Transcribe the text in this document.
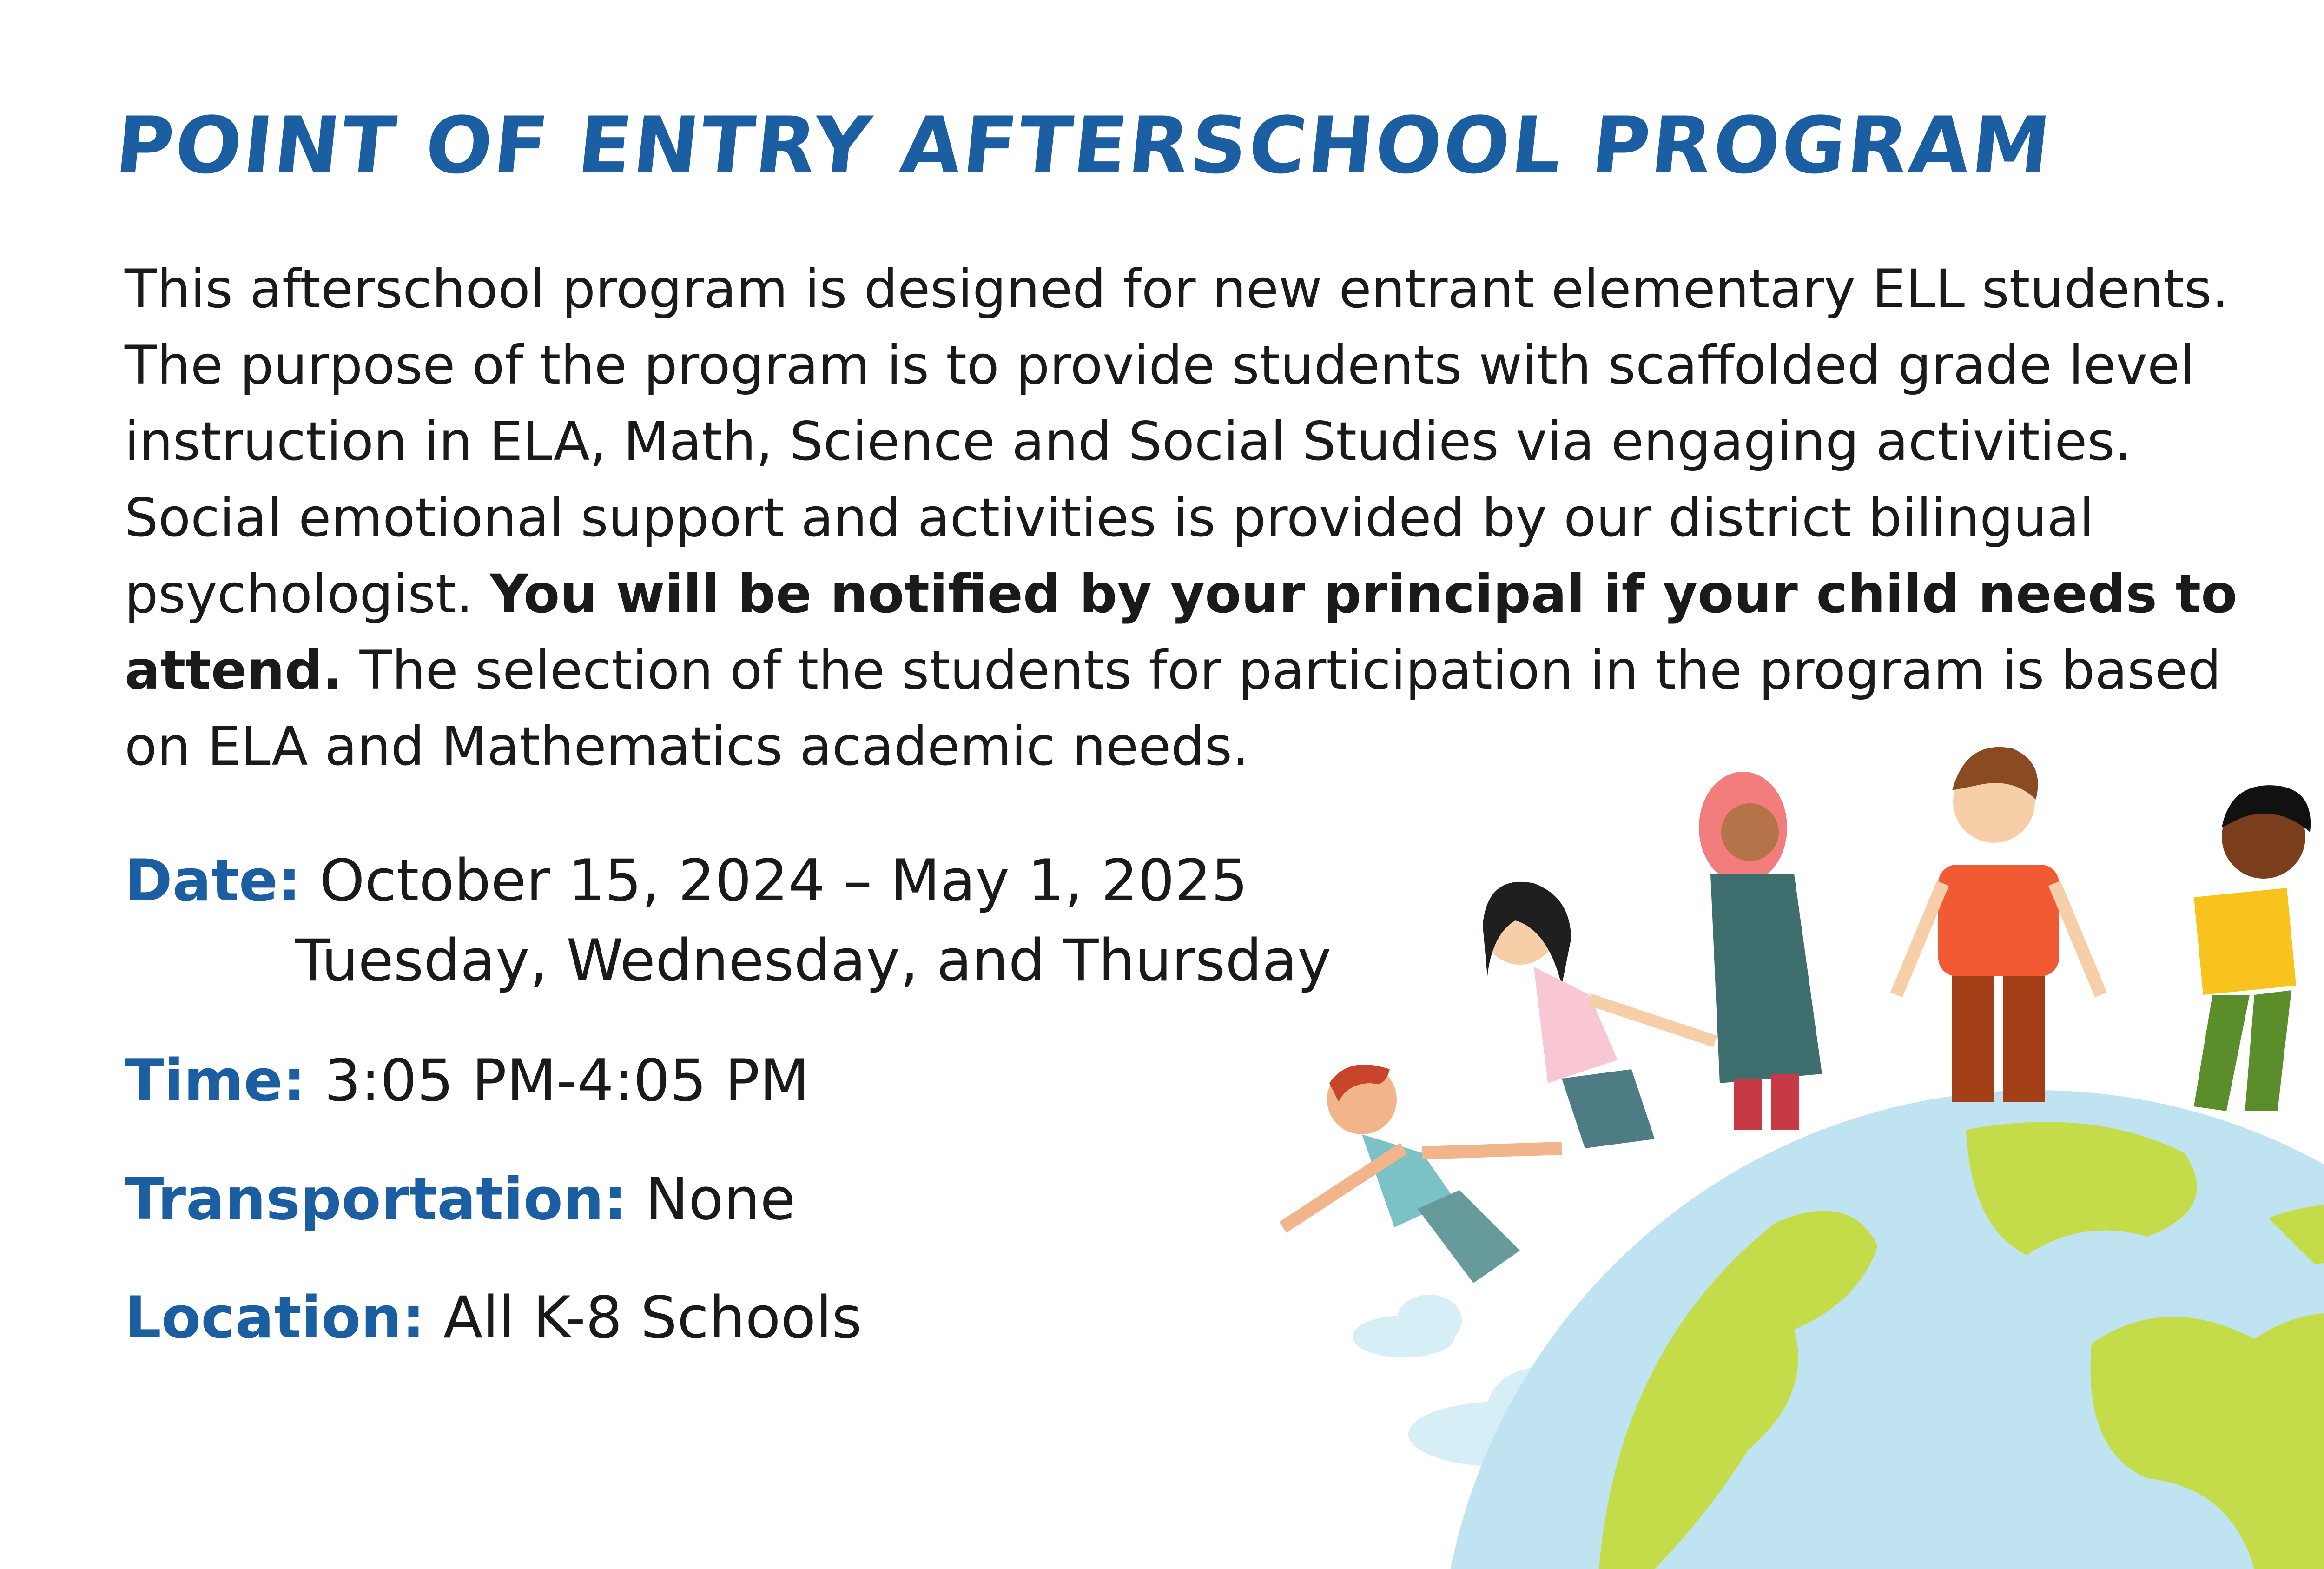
POINT OF ENTRY AFTERSCHOOL PROGRAM
This afterschool program is designed for new entrant elementary ELL students. The purpose of the program is to provide students with scaffolded grade level instruction in ELA, Math, Science and Social Studies via engaging activities. Social emotional support and activities is provided by our district bilingual psychologist. You will be notified by your principal if your child needs to attend. The selection of the students for participation in the program is based on ELA and Mathematics academic needs.
Date: October 15, 2024 – May 1, 2025
Tuesday, Wednesday, and Thursday
Time: 3:05 PM-4:05 PM
Transportation: None
Location: All K-8 Schools
